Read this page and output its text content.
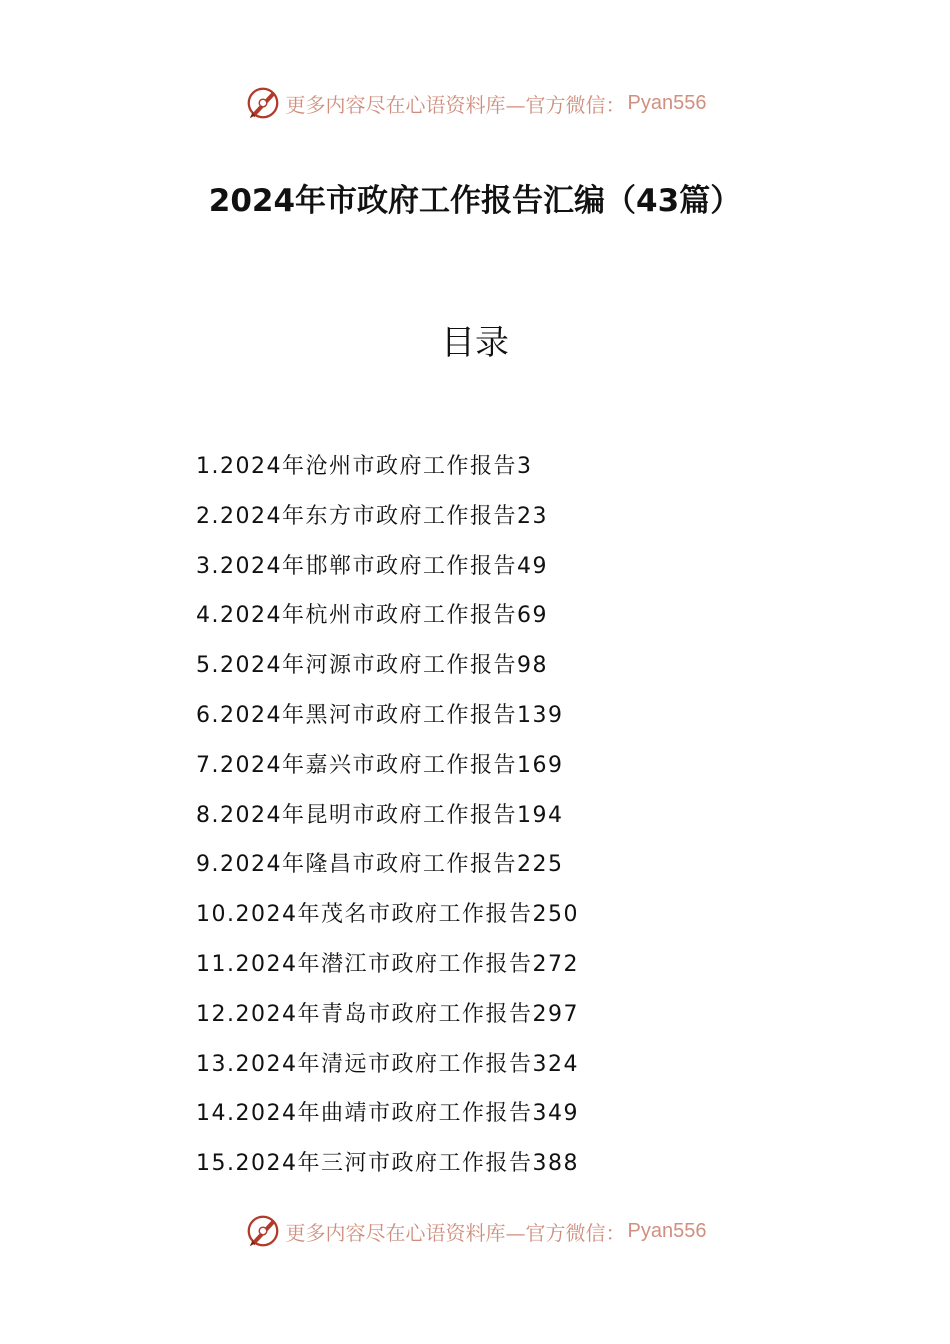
更多内容尽在心语资料库—官方微信： Pyan556
2024年市政府工作报告汇编（43篇）
目录
1.2024年沧州市政府工作报告3
2.2024年东方市政府工作报告23
3.2024年邯郸市政府工作报告49
4.2024年杭州市政府工作报告69
5.2024年河源市政府工作报告98
6.2024年黑河市政府工作报告139
7.2024年嘉兴市政府工作报告169
8.2024年昆明市政府工作报告194
9.2024年隆昌市政府工作报告225
10.2024年茂名市政府工作报告250
11.2024年潜江市政府工作报告272
12.2024年青岛市政府工作报告297
13.2024年清远市政府工作报告324
14.2024年曲靖市政府工作报告349
15.2024年三河市政府工作报告388
更多内容尽在心语资料库—官方微信： Pyan556
